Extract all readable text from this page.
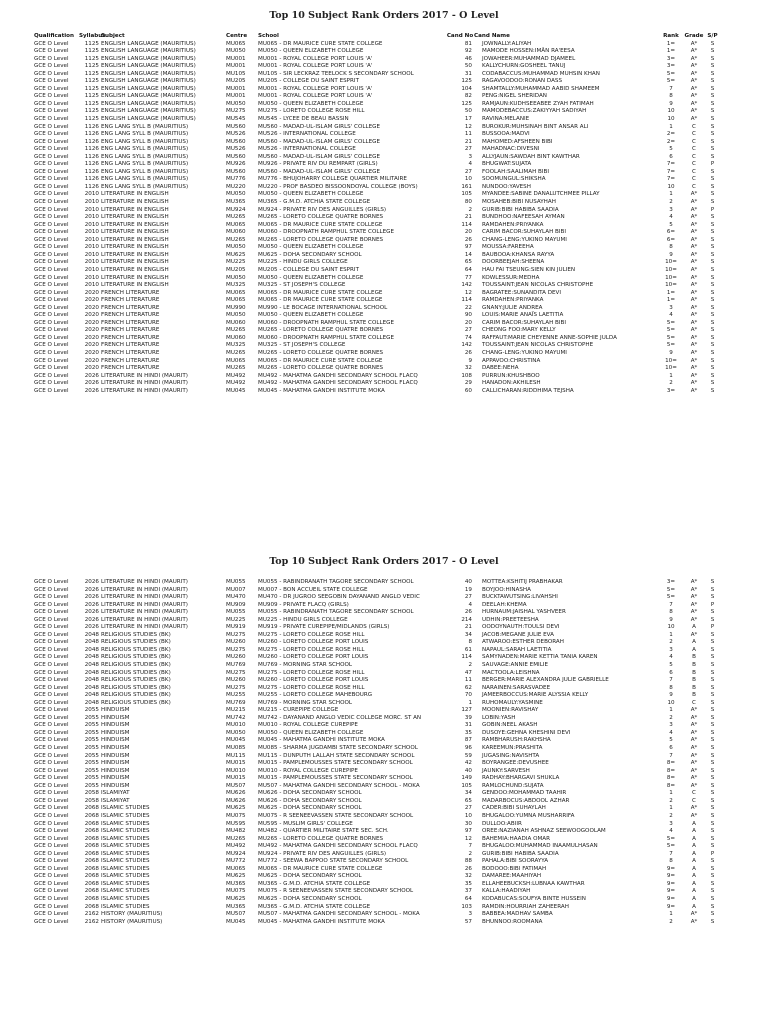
Top 10 Subject Rank Orders 2017 - O Level
Qualification	Syllabus	Subject	Centre	School	Cand No	Cand Name	Rank	Grade	S/P
GCE O Level	1125	ENGLISH LANGUAGE (MAURITIUS)	MU065	MU065 - DR MAURICE CURE STATE COLLEGE	81	JOWNALLY:ALIYAH	1=	A*	S
GCE O Level	1125	ENGLISH LANGUAGE (MAURITIUS)	MU050	MU050 - QUEEN ELIZABETH COLLEGE	92	MAMODE HOSSEN:IMÂN RA'EESA	1=	A*	S
GCE O Level	1125	ENGLISH LANGUAGE (MAURITIUS)	MU001	MU001 - ROYAL COLLEGE PORT LOUIS 'A'	46	JOWAHEER:MUHAMMAD DJAMEEL	3=	A*	S
GCE O Level	1125	ENGLISH LANGUAGE (MAURITIUS)	MU001	MU001 - ROYAL COLLEGE PORT LOUIS 'A'	50	KALLYCHURN:GOSHEEL TANUJ	3=	A*	S
GCE O Level	1125	ENGLISH LANGUAGE (MAURITIUS)	MU105	MU105 - SIR LECKRAZ TEELOCK S SECONDARY SCHOOL	31	CODABACCUS:MUHAMMAD MUHSIN KHAN	5=	A*	S
GCE O Level	1125	ENGLISH LANGUAGE (MAURITIUS)	MU205	MU205 - COLLEGE DU SAINT ESPRIT	125	RAGAVOODOO:RONAN DASS	5=	A*	S
GCE O Level	1125	ENGLISH LANGUAGE (MAURITIUS)	MU001	MU001 - ROYAL COLLEGE PORT LOUIS 'A'	104	SHAMTALLY:MUHAMMAD AABID SHAMEEM	7	A*	S
GCE O Level	1125	ENGLISH LANGUAGE (MAURITIUS)	MU001	MU001 - ROYAL COLLEGE PORT LOUIS 'A'	82	PENG:NIGEL SHERIDAN	8	A*	S
GCE O Level	1125	ENGLISH LANGUAGE (MAURITIUS)	MU050	MU050 - QUEEN ELIZABETH COLLEGE	125	RAMJAUN:KUDHSEEABEE ZYAH FATIMAH	9	A*	S
GCE O Level	1125	ENGLISH LANGUAGE (MAURITIUS)	MU275	MU275 - LORETO COLLEGE ROSE HILL	50	MAMODEBACCUS:ZAKIYYAH SADIYAH	10	A*	S
GCE O Level	1125	ENGLISH LANGUAGE (MAURITIUS)	MU545	MU545 - LYCEE DE BEAU BASSIN	17	RAVINA:MELANIE	10	A*	S
GCE O Level	1126	ENG LANG SYLL B (MAURITIUS)	MU560	MU560 - MADAD-UL-ISLAM GIRLS' COLLEGE	12	BUROKUR:MUHSINAH BINT ANSAR ALI	1	C	S
GCE O Level	1126	ENG LANG SYLL B (MAURITIUS)	MU526	MU526 - INTERNATIONAL COLLEGE	11	BUSSOOA:MADVI	2=	C	S
GCE O Level	1126	ENG LANG SYLL B (MAURITIUS)	MU560	MU560 - MADAD-UL-ISLAM GIRLS' COLLEGE	21	MAHOMED:AFSHEEN BIBI	2=	C	S
GCE O Level	1126	ENG LANG SYLL B (MAURITIUS)	MU526	MU526 - INTERNATIONAL COLLEGE	27	MAHADNAC:DIVESNI	5	C	S
GCE O Level	1126	ENG LANG SYLL B (MAURITIUS)	MU560	MU560 - MADAD-UL-ISLAM GIRLS' COLLEGE	3	ALLYJAUN:SAWDAH BINT KAWTHAR	6	C	S
GCE O Level	1126	ENG LANG SYLL B (MAURITIUS)	MU926	MU926 - PRIVATE RIV DU REMPART (GIRLS)	4	BHUGWAT:SUJATA	7=	C	P
GCE O Level	1126	ENG LANG SYLL B (MAURITIUS)	MU560	MU560 - MADAD-UL-ISLAM GIRLS' COLLEGE	27	FOOLAH:SAALIMAH BIBI	7=	C	S
GCE O Level	1126	ENG LANG SYLL B (MAURITIUS)	MU776	MU776 - BHUJOHARRY COLLEGE QUARTIER MILITAIRE	10	SOOMUNGUL:SHIKSHA	7=	C	S
GCE O Level	1126	ENG LANG SYLL B (MAURITIUS)	MU220	MU220 - PROF BASDEO BISSOONDOYAL COLLEGE (BOYS)	161	NUNDOO:YAVESH	10	C	S
GCE O Level	2010	LITERATURE IN ENGLISH	MU050	MU050 - QUEEN ELIZABETH COLLEGE	105	MYANDEE:SABINE DANALUTCHMEE PILLAY	1	A*	S
GCE O Level	2010	LITERATURE IN ENGLISH	MU365	MU365 - G.M.D. ATCHIA STATE COLLEGE	80	MOSAHEB:BIBI NUSAYHAH	2	A*	S
GCE O Level	2010	LITERATURE IN ENGLISH	MU924	MU924 - PRIVATE RIV DES ANGUILLES (GIRLS)	2	GURIB:BIBI HABIBA SAADIA	3	A*	P
GCE O Level	2010	LITERATURE IN ENGLISH	MU265	MU265 - LORETO COLLEGE QUATRE BORNES	21	BUNDHOO:NAFEESAH AYMAN	4	A*	S
GCE O Level	2010	LITERATURE IN ENGLISH	MU065	MU065 - DR MAURICE CURE STATE COLLEGE	114	RAMDAHEN:PRIYANKA	5	A*	S
GCE O Level	2010	LITERATURE IN ENGLISH	MU060	MU060 - DROOPNATH RAMPHUL STATE COLLEGE	20	CARIM BACOR:SUHAYLAH BIBI	6=	A*	S
GCE O Level	2010	LITERATURE IN ENGLISH	MU265	MU265 - LORETO COLLEGE QUATRE BORNES	26	CHANG-LENG:YUKINO MAYUMI	6=	A*	S
GCE O Level	2010	LITERATURE IN ENGLISH	MU050	MU050 - QUEEN ELIZABETH COLLEGE	97	MOUSSA:FAREEHA	8	A*	S
GCE O Level	2010	LITERATURE IN ENGLISH	MU625	MU625 - DOHA SECONDARY SCHOOL	14	BAUBOOA:KHANSA RAYYA	9	A*	S
GCE O Level	2010	LITERATURE IN ENGLISH	MU225	MU225 - HINDU GIRLS COLLEGE	65	DOORBEEJAH:SHEENA	10=	A*	S
GCE O Level	2010	LITERATURE IN ENGLISH	MU205	MU205 - COLLEGE DU SAINT ESPRIT	64	HAU FAI TSEUNG:SIEN KIN JULIEN	10=	A*	S
GCE O Level	2010	LITERATURE IN ENGLISH	MU050	MU050 - QUEEN ELIZABETH COLLEGE	77	KOWLESSUR:MEDHA	10=	A*	S
GCE O Level	2010	LITERATURE IN ENGLISH	MU325	MU325 - ST JOSEPH'S COLLEGE	142	TOUSSAINT:JEAN NICOLAS CHRISTOPHE	10=	A*	S
GCE O Level	2020	FRENCH LITERATURE	MU065	MU065 - DR MAURICE CURE STATE COLLEGE	12	BAGRATEE:SUNANDITA DEVI	1=	A*	S
GCE O Level	2020	FRENCH LITERATURE	MU065	MU065 - DR MAURICE CURE STATE COLLEGE	114	RAMDAHEN:PRIYANKA	1=	A*	S
GCE O Level	2020	FRENCH LITERATURE	MU990	MU990 - LE BOCAGE INTERNATIONAL SCHOOL	22	GNANY:JULIE ANDREA	3	A*	S
GCE O Level	2020	FRENCH LITERATURE	MU050	MU050 - QUEEN ELIZABETH COLLEGE	90	LOUIS:MARIE ANAÏS LAETITIA	4	A*	S
GCE O Level	2020	FRENCH LITERATURE	MU060	MU060 - DROOPNATH RAMPHUL STATE COLLEGE	20	CARIM BACOR:SUHAYLAH BIBI	5=	A*	S
GCE O Level	2020	FRENCH LITERATURE	MU265	MU265 - LORETO COLLEGE QUATRE BORNES	27	CHEONG FOO:MARY KELLY	5=	A*	S
GCE O Level	2020	FRENCH LITERATURE	MU060	MU060 - DROOPNATH RAMPHUL STATE COLLEGE	74	RAFFAUT:MARIE CHEYENNE ANNE-SOPHIE JULDA	5=	A*	S
GCE O Level	2020	FRENCH LITERATURE	MU325	MU325 - ST JOSEPH'S COLLEGE	142	TOUSSAINT:JEAN NICOLAS CHRISTOPHE	5=	A*	S
GCE O Level	2020	FRENCH LITERATURE	MU265	MU265 - LORETO COLLEGE QUATRE BORNES	26	CHANG-LENG:YUKINO MAYUMI	9	A*	S
GCE O Level	2020	FRENCH LITERATURE	MU065	MU065 - DR MAURICE CURE STATE COLLEGE	9	APPAVOO:CHRISTINA	10=	A*	S
GCE O Level	2020	FRENCH LITERATURE	MU265	MU265 - LORETO COLLEGE QUATRE BORNES	32	DABEE:NEHA	10=	A*	S
GCE O Level	2026	LITERATURE IN HINDI (MAURIT)	MU492	MU492 - MAHATMA GANDHI SECONDARY SCHOOL FLACQ	108	PURRUN:KHUSHBOO	1	A*	S
GCE O Level	2026	LITERATURE IN HINDI (MAURIT)	MU492	MU492 - MAHATMA GANDHI SECONDARY SCHOOL FLACQ	29	HANADON:AKHILESH	2	A*	S
GCE O Level	2026	LITERATURE IN HINDI (MAURIT)	MU045	MU045 - MAHATMA GANDHI INSTITUTE MOKA	60	CALLICHARAN:RIDDHIMA TEJSHA	3=	A*	S
Top 10 Subject Rank Orders 2017 - O Level
GCE O Level	2026	LITERATURE IN HINDI (MAURIT)	MU055	MU055 - RABINDRANATH TAGORE SECONDARY SCHOOL	40	MOTTEA:KSHITIJ PRABHAKAR	3=	A*	S
GCE O Level	2026	LITERATURE IN HINDI (MAURIT)	MU007	MU007 - BON ACCUEIL STATE COLLEGE	19	BOYJOO:HINASHA	5=	A*	S
GCE O Level	2026	LITERATURE IN HINDI (MAURIT)	MU470	MU470 - DR JUGROO SEEGOBIN DAYANAND ANGLO VEDIC	27	BUCKTAWUTSING:LIVAHSHI	5=	A*	S
GCE O Level	2026	LITERATURE IN HINDI (MAURIT)	MU909	MU909 - PRIVATE FLACQ (GIRLS)	4	DEELAH:KHEMA	7	A*	P
GCE O Level	2026	LITERATURE IN HINDI (MAURIT)	MU055	MU055 - RABINDRANATH TAGORE SECONDARY SCHOOL	26	HURNAUM:JAISHAL YASHVEER	8	A*	S
GCE O Level	2026	LITERATURE IN HINDI (MAURIT)	MU225	MU225 - HINDU GIRLS COLLEGE	214	UDHIN:PREETEESHA	9	A*	S
GCE O Level	2026	LITERATURE IN HINDI (MAURIT)	MU919	MU919 - PRIVATE CUREPIPE/MIDLANDS (GIRLS)	21	OODOYNAUTH:TOULSI DEVI	10	A	P
GCE O Level	2048	RELIGIOUS STUDIES (BK)	MU275	MU275 - LORETO COLLEGE ROSE HILL	34	JACOB:MEGANE JULIE EVA	1	A*	S
GCE O Level	2048	RELIGIOUS STUDIES (BK)	MU260	MU260 - LORETO COLLEGE PORT LOUIS	8	ATWAROO:ESTHER DEBORAH	2	A	S
GCE O Level	2048	RELIGIOUS STUDIES (BK)	MU275	MU275 - LORETO COLLEGE ROSE HILL	61	NAPAUL:SARAH LAETITIA	3	A	S
GCE O Level	2048	RELIGIOUS STUDIES (BK)	MU260	MU260 - LORETO COLLEGE PORT LOUIS	114	SAMYNADEN:MARIE KETTIA TANIA KAREN	4	B	S
GCE O Level	2048	RELIGIOUS STUDIES (BK)	MU769	MU769 - MORNING STAR SCHOOL	2	SAUVAGE:ANNIE EMILIE	5	B	S
GCE O Level	2048	RELIGIOUS STUDIES (BK)	MU275	MU275 - LORETO COLLEGE ROSE HILL	47	MACTOOLA:LEISHNA	6	B	S
GCE O Level	2048	RELIGIOUS STUDIES (BK)	MU260	MU260 - LORETO COLLEGE PORT LOUIS	11	BERGER:MARIE ALEXANDRA JULIE GABRIELLE	7	B	S
GCE O Level	2048	RELIGIOUS STUDIES (BK)	MU275	MU275 - LORETO COLLEGE ROSE HILL	62	NARAINEN:SARASVADEE	8	B	S
GCE O Level	2048	RELIGIOUS STUDIES (BK)	MU255	MU255 - LORETO COLLEGE MAHEBOURG	70	JAMEERBOCCUS:MARIE ALYSSIA KELLY	9	B	S
GCE O Level	2048	RELIGIOUS STUDIES (BK)	MU769	MU769 - MORNING STAR SCHOOL	1	RUHOMAULY:YASMINE	10	C	S
GCE O Level	2055	HINDUISM	MU215	MU215 - CUREPIPE COLLEGE	127	MOONIEN:RAVISHAY	1	A*	S
GCE O Level	2055	HINDUISM	MU742	MU742 - DAYANAND ANGLO VEDIC COLLEGE MORC. ST AN	39	LOBIN:YASH	2	A*	S
GCE O Level	2055	HINDUISM	MU010	MU010 - ROYAL COLLEGE CUREPIPE	31	GOBIN:NEEL AKASH	3	A*	S
GCE O Level	2055	HINDUISM	MU050	MU050 - QUEEN ELIZABETH COLLEGE	35	DUSOYE:GEHNA KHESHINI DEVI	4	A*	S
GCE O Level	2055	HINDUISM	MU045	MU045 - MAHATMA GANDHI INSTITUTE MOKA	87	RAMBHARUSH:RAKHSHA	5	A*	S
GCE O Level	2055	HINDUISM	MU085	MU085 - SHARMA JUGDAMBI STATE SECONDARY SCHOOL	96	KAREEMUN:PRASHITA	6	A*	S
GCE O Level	2055	HINDUISM	MU115	MU115 - DUNPUTH LALLAH STATE SECONDARY SCHOOL	59	JUGASING:NAVISHTA	7	A*	S
GCE O Level	2055	HINDUISM	MU015	MU015 - PAMPLEMOUSSES STATE SECONDARY SCHOOL	42	BOYRANGEE:DEVUSHEE	8=	A*	S
GCE O Level	2055	HINDUISM	MU010	MU010 - ROYAL COLLEGE CUREPIPE	40	JAUNKY:SARVESH	8=	A*	S
GCE O Level	2055	HINDUISM	MU015	MU015 - PAMPLEMOUSSES STATE SECONDARY SCHOOL	149	RADHAY:BHARGAVI SHUKLA	8=	A*	S
GCE O Level	2055	HINDUISM	MU507	MU507 - MAHATMA GANDHI SECONDARY SCHOOL - MOKA	105	RAMLOCHUND:SUJATA	8=	A*	S
GCE O Level	2058	ISLAMIYAT	MU626	MU626 - DOHA SECONDARY SCHOOL	34	GENDOO:MOHAMMAD TAAHIR	1	C	S
GCE O Level	2058	ISLAMIYAT	MU626	MU626 - DOHA SECONDARY SCHOOL	65	MADARBOCUS:ABDOOL AZHAR	2	C	S
GCE O Level	2068	ISLAMIC STUDIES	MU625	MU625 - DOHA SECONDARY SCHOOL	27	CADER:BIBI SUHAYLAH	1	A*	S
GCE O Level	2068	ISLAMIC STUDIES	MU075	MU075 - R SEENEEVASSEN STATE SECONDARY SCHOOL	10	BHUGALOO:YUMNA MUSHARRIFA	2	A*	S
GCE O Level	2068	ISLAMIC STUDIES	MU595	MU595 - MUSLIM GIRLS' COLLEGE	30	DULLOO:ABIIR	3	A	S
GCE O Level	2068	ISLAMIC STUDIES	MU482	MU482 - QUARTIER MILITAIRE STATE SEC. SCH.	97	OREE:NAZIANAH ASHNAZ SEEWOOGOOLAM	4	A	S
GCE O Level	2068	ISLAMIC STUDIES	MU265	MU265 - LORETO COLLEGE QUATRE BORNES	12	BAHEMIA:HAADIA OMAR	5=	A	S
GCE O Level	2068	ISLAMIC STUDIES	MU492	MU492 - MAHATMA GANDHI SECONDARY SCHOOL FLACQ	7	BHUGALOO:MUHAMMAD INAAMULHASAN	5=	A	S
GCE O Level	2068	ISLAMIC STUDIES	MU924	MU924 - PRIVATE RIV DES ANGUILLES (GIRLS)	2	GURIB:BIBI HABIBA SAADIA	7	A	P
GCE O Level	2068	ISLAMIC STUDIES	MU772	MU772 - SEEWA BAPPOO STATE SECONDARY SCHOOL	88	PAHALA:BIBI SOORAYYA	8	A	S
GCE O Level	2068	ISLAMIC STUDIES	MU065	MU065 - DR MAURICE CURE STATE COLLEGE	26	BODOOO:BIBI FATIMAH	9=	A	S
GCE O Level	2068	ISLAMIC STUDIES	MU625	MU625 - DOHA SECONDARY SCHOOL	32	DAMAREE:MAAHIYAH	9=	A	S
GCE O Level	2068	ISLAMIC STUDIES	MU365	MU365 - G.M.D. ATCHIA STATE COLLEGE	35	ELLAHEEBUCKSH:LUBNAA KAWTHAR	9=	A	S
GCE O Level	2068	ISLAMIC STUDIES	MU075	MU075 - R SEENEEVASSEN STATE SECONDARY SCHOOL	37	KALLA:HAADIYAH	9=	A	S
GCE O Level	2068	ISLAMIC STUDIES	MU625	MU625 - DOHA SECONDARY SCHOOL	64	KODABUCAS:SOUFYA BINTE HUSSEIN	9=	A	S
GCE O Level	2068	ISLAMIC STUDIES	MU365	MU365 - G.M.D. ATCHIA STATE COLLEGE	103	RAMDIN:HOURRIAH ZAHEERAH	9=	A	S
GCE O Level	2162	HISTORY (MAURITIUS)	MU507	MU507 - MAHATMA GANDHI SECONDARY SCHOOL - MOKA	3	BABBEA:MADHAV SAMBA	1	A*	S
GCE O Level	2162	HISTORY (MAURITIUS)	MU045	MU045 - MAHATMA GANDHI INSTITUTE MOKA	57	BHUNNOO:ROOMANA	2	A*	S
